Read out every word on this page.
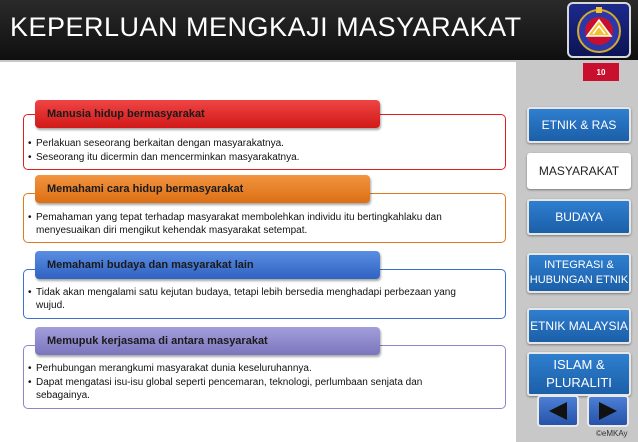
KEPERLUAN MENGKAJI MASYARAKAT
10
Manusia hidup bermasyarakat
• Perlakuan seseorang berkaitan dengan masyarakatnya.
• Seseorang itu dicermin dan mencerminkan masyarakatnya.
Memahami cara hidup bermasyarakat
• Pemahaman yang tepat terhadap masyarakat membolehkan individu itu bertingkahlaku dan menyesuaikan diri mengikut kehendak masyarakat setempat.
Memahami budaya dan masyarakat lain
• Tidak akan mengalami satu kejutan budaya, tetapi lebih bersedia menghadapi perbezaan yang wujud.
Memupuk kerjasama di antara masyarakat
• Perhubungan merangkumi masyarakat dunia keseluruhannya.
• Dapat mengatasi isu-isu global seperti pencemaran, teknologi, perlumbaan senjata dan sebagainya.
ETNIK & RAS
MASYARAKAT
BUDAYA
INTEGRASI & HUBUNGAN ETNIK
ETNIK MALAYSIA
ISLAM & PLURALITI
©eMKAy
